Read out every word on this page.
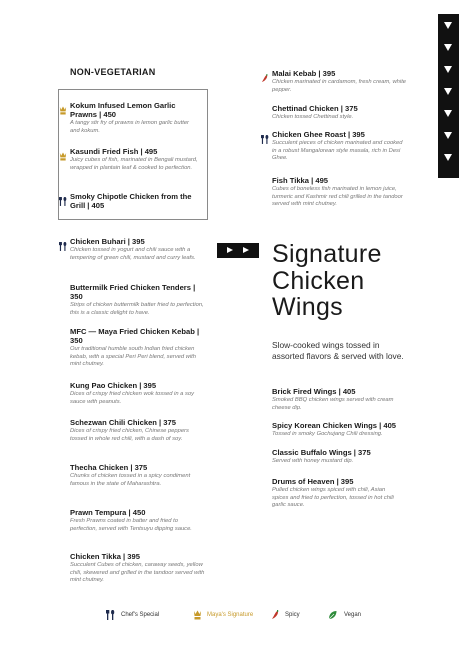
NON-VEGETARIAN
Kokum Infused Lemon Garlic Prawns | 450
A tangy stir fry of prawns in lemon garlic butter and kokum.
Kasundi Fried Fish | 495
Juicy cubes of fish, marinated in Bengali mustard, wrapped in plantain leaf & cooked to perfection.
Smoky Chipotle Chicken from the Grill | 405
Chicken Buhari | 395
Chicken tossed in yogurt and chili sauce with a tempering of green chili, mustard and curry leafs.
Buttermilk Fried Chicken Tenders | 350
Strips of chicken buttermilk batter fried to perfection, this is a classic delight to have.
MFC — Maya Fried Chicken Kebab | 350
Our traditional humble south Indian fried chicken kebab, with a special Peri Peri blend, served with mint chutney.
Kung Pao Chicken | 395
Dices of crispy fried chicken wok tossed in a soy sauce with peanuts.
Schezwan Chili Chicken | 375
Dices of crispy fried chicken, Chinese peppers tossed in whole red chili, with a dash of soy.
Thecha Chicken | 375
Chunks of chicken tossed in a spicy condiment famous in the state of Maharashtra.
Prawn Tempura | 450
Fresh Prawns coated in batter and fried to perfection, served with Tentsuyu dipping sauce.
Chicken Tikka | 395
Succulent Cubes of chicken, caraway seeds, yellow chili, skewered and grilled in the tandoor served with mint chutney.
Malai Kebab | 395
Chicken marinated in cardamom, fresh cream, white pepper.
Chettinad Chicken | 375
Chicken tossed Chettinad style.
Chicken Ghee Roast | 395
Succulent pieces of chicken marinated and cooked in a robust Mangalorean style masala, rich in Desi Ghee.
Fish Tikka | 495
Cubes of boneless fish marinated in lemon juice, turmeric and Kashmir red chili grilled in the tandoor served with mint chutney.
Signature
Chicken
Wings
Slow-cooked wings tossed in assorted flavors & served with love.
Brick Fired Wings | 405
Smoked BBQ chicken wings served with cream cheese dip.
Spicy Korean Chicken Wings | 405
Tossed in smoky Gochujang Chili dressing.
Classic Buffalo Wings | 375
Served with honey mustard dip.
Drums of Heaven | 395
Pulled chicken wings spiced with chili, Asian spices and fried to perfection, tossed in hot chili garlic sauce.
Chef's Special	Maya's Signature	Spicy	Vegan
